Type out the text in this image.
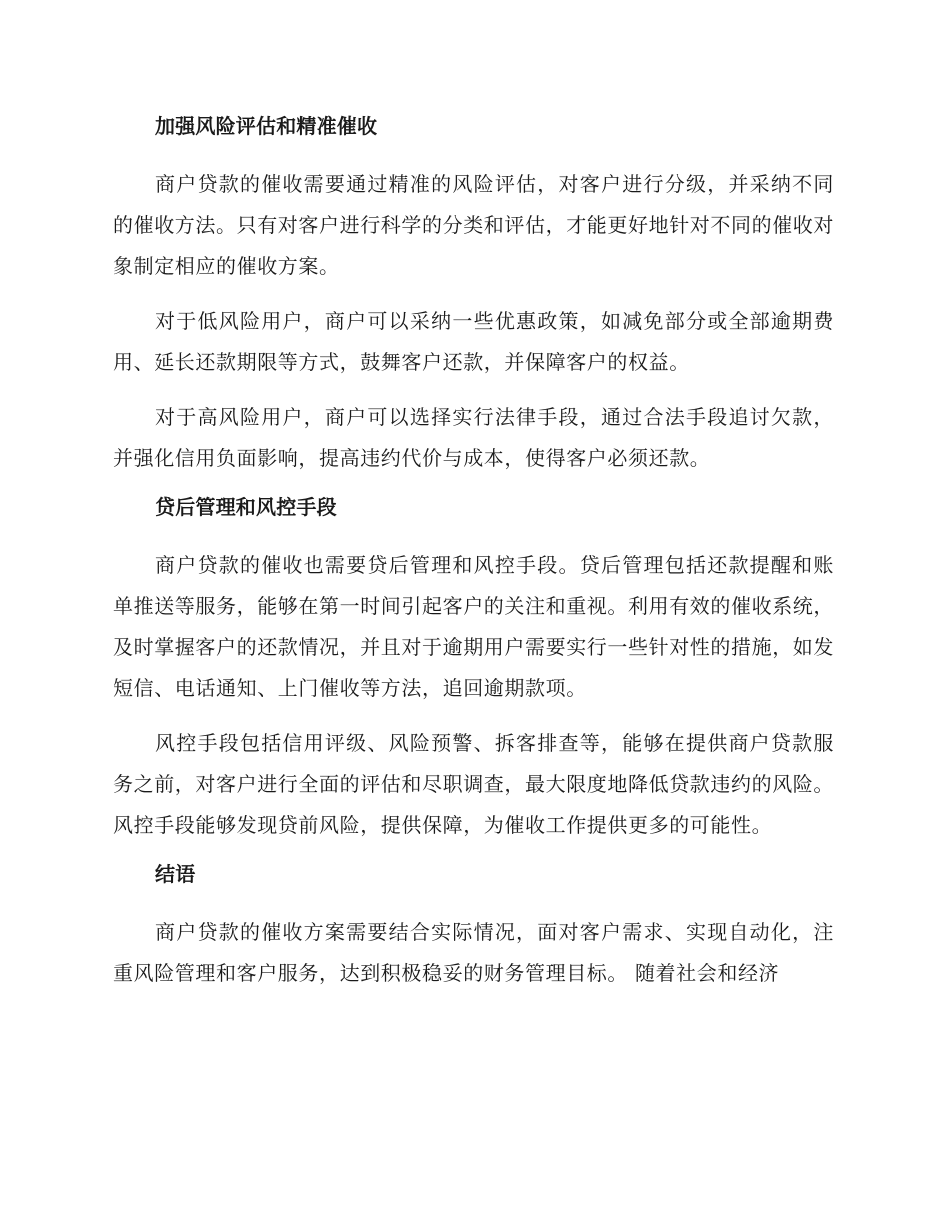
加强风险评估和精准催收

商户贷款的催收需要通过精准的风险评估，对客户进行分级，并采纳不同的催收方法。只有对客户进行科学的分类和评估，才能更好地针对不同的催收对象制定相应的催收方案。

对于低风险用户，商户可以采纳一些优惠政策，如减免部分或全部逾期费用、延长还款期限等方式，鼓舞客户还款，并保障客户的权益。

对于高风险用户，商户可以选择实行法律手段，通过合法手段追讨欠款，并强化信用负面影响，提高违约代价与成本，使得客户必须还款。

贷后管理和风控手段

商户贷款的催收也需要贷后管理和风控手段。贷后管理包括还款提醒和账单推送等服务，能够在第一时间引起客户的关注和重视。利用有效的催收系统，及时掌握客户的还款情况，并且对于逾期用户需要实行一些针对性的措施，如发短信、电话通知、上门催收等方法，追回逾期款项。

风控手段包括信用评级、风险预警、拆客排查等，能够在提供商户贷款服务之前，对客户进行全面的评估和尽职调查，最大限度地降低贷款违约的风险。风控手段能够发现贷前风险，提供保障，为催收工作提供更多的可能性。

结语

商户贷款的催收方案需要结合实际情况，面对客户需求、实现自动化，注重风险管理和客户服务，达到积极稳妥的财务管理目标。 随着社会和经济
